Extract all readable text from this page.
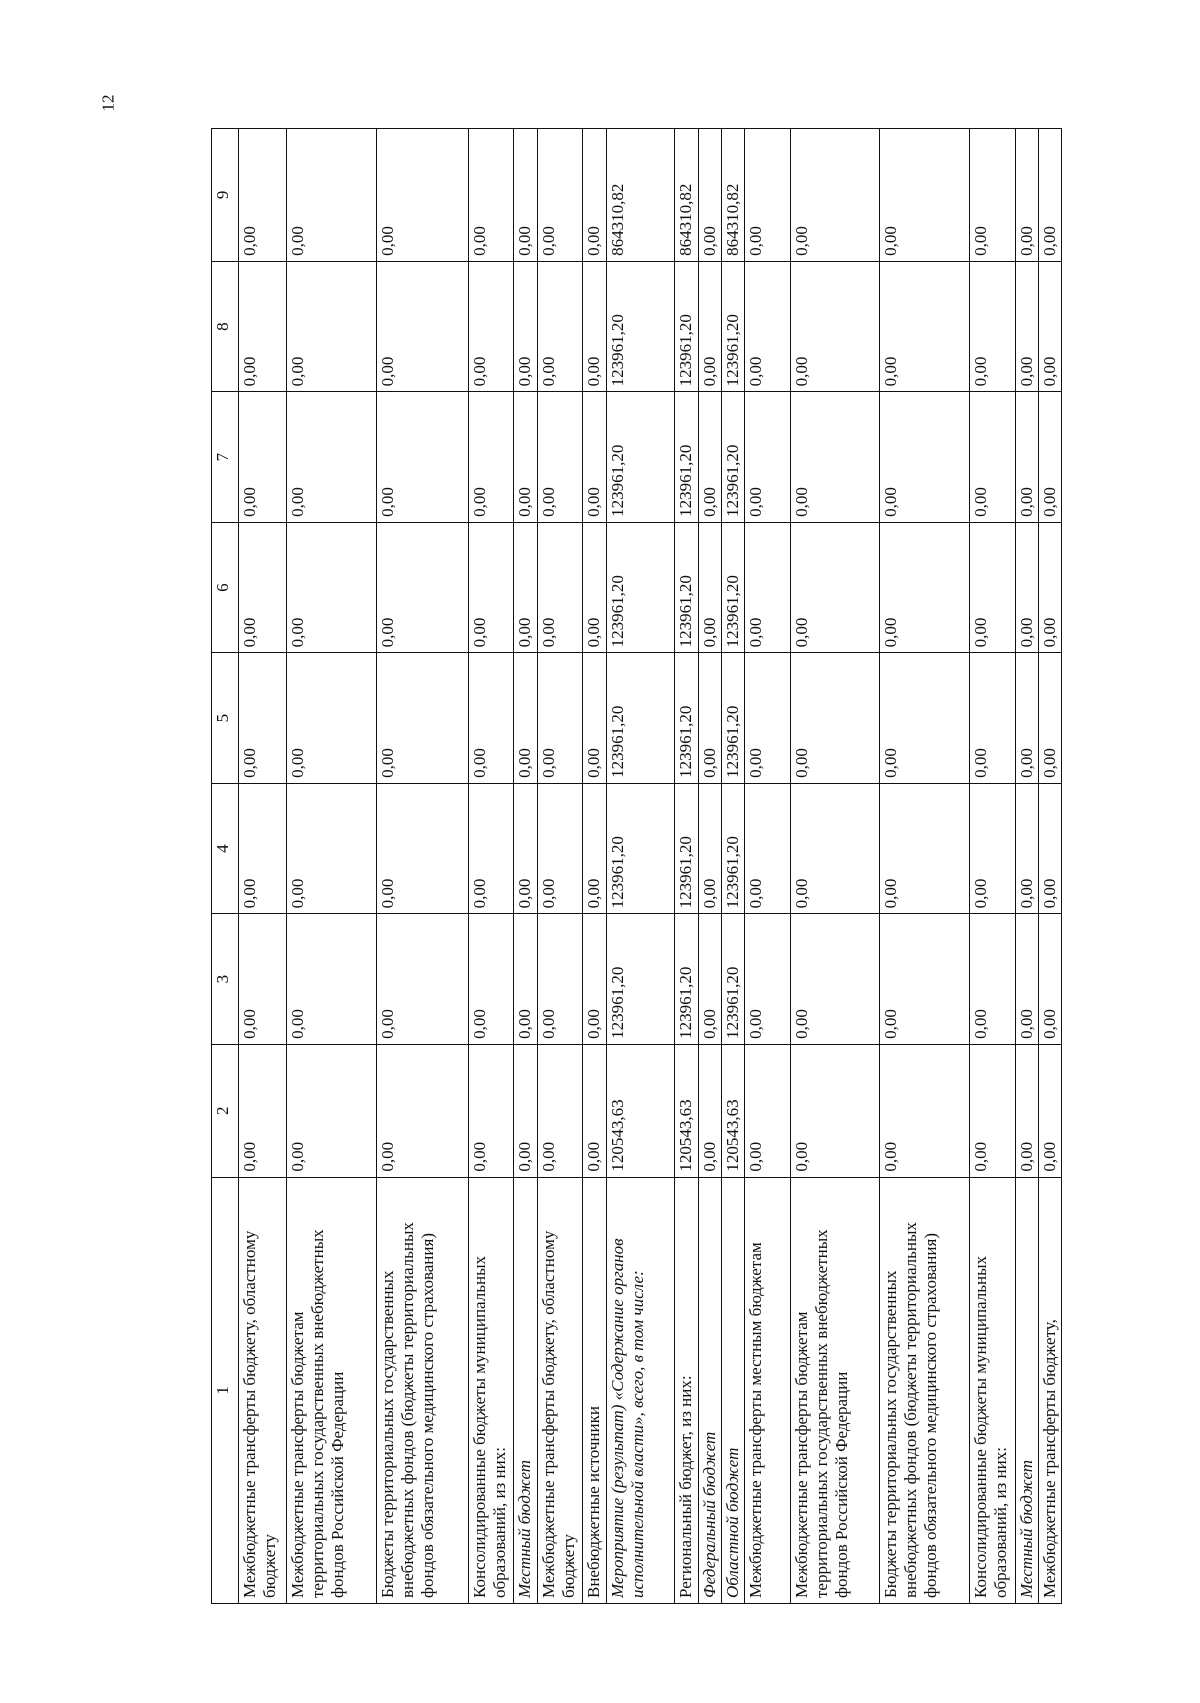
12
1	2	3	4	5	6	7	8	9
Межбюджетные трансферты бюджету, областному бюджету	0,00	0,00	0,00	0,00	0,00	0,00	0,00	0,00
Межбюджетные трансферты бюджетам территориальных государственных внебюджетных фондов Российской Федерации	0,00	0,00	0,00	0,00	0,00	0,00	0,00	0,00
Бюджеты территориальных государственных внебюджетных фондов (бюджеты территориальных фондов обязательного медицинского страхования)	0,00	0,00	0,00	0,00	0,00	0,00	0,00	0,00
Консолидированные бюджеты муниципальных образований, из них:	0,00	0,00	0,00	0,00	0,00	0,00	0,00	0,00
Местный бюджет	0,00	0,00	0,00	0,00	0,00	0,00	0,00	0,00
Межбюджетные трансферты бюджету, областному бюджету	0,00	0,00	0,00	0,00	0,00	0,00	0,00	0,00
Внебюджетные источники	0,00	0,00	0,00	0,00	0,00	0,00	0,00	0,00
Мероприятие (результат) «Содержание органов исполнительной власти», всего, в том числе:	120543,63	123961,20	123961,20	123961,20	123961,20	123961,20	123961,20	864310,82
Региональный бюджет, из них:	120543,63	123961,20	123961,20	123961,20	123961,20	123961,20	123961,20	864310,82
Федеральный бюджет	0,00	0,00	0,00	0,00	0,00	0,00	0,00	0,00
Областной бюджет	120543,63	123961,20	123961,20	123961,20	123961,20	123961,20	123961,20	864310,82
Межбюджетные трансферты местным бюджетам	0,00	0,00	0,00	0,00	0,00	0,00	0,00	0,00
Межбюджетные трансферты бюджетам территориальных государственных внебюджетных фондов Российской Федерации	0,00	0,00	0,00	0,00	0,00	0,00	0,00	0,00
Бюджеты территориальных государственных внебюджетных фондов (бюджеты территориальных фондов обязательного медицинского страхования)	0,00	0,00	0,00	0,00	0,00	0,00	0,00	0,00
Консолидированные бюджеты муниципальных образований, из них:	0,00	0,00	0,00	0,00	0,00	0,00	0,00	0,00
Местный бюджет	0,00	0,00	0,00	0,00	0,00	0,00	0,00	0,00
Межбюджетные трансферты бюджету,	0,00	0,00	0,00	0,00	0,00	0,00	0,00	0,00
